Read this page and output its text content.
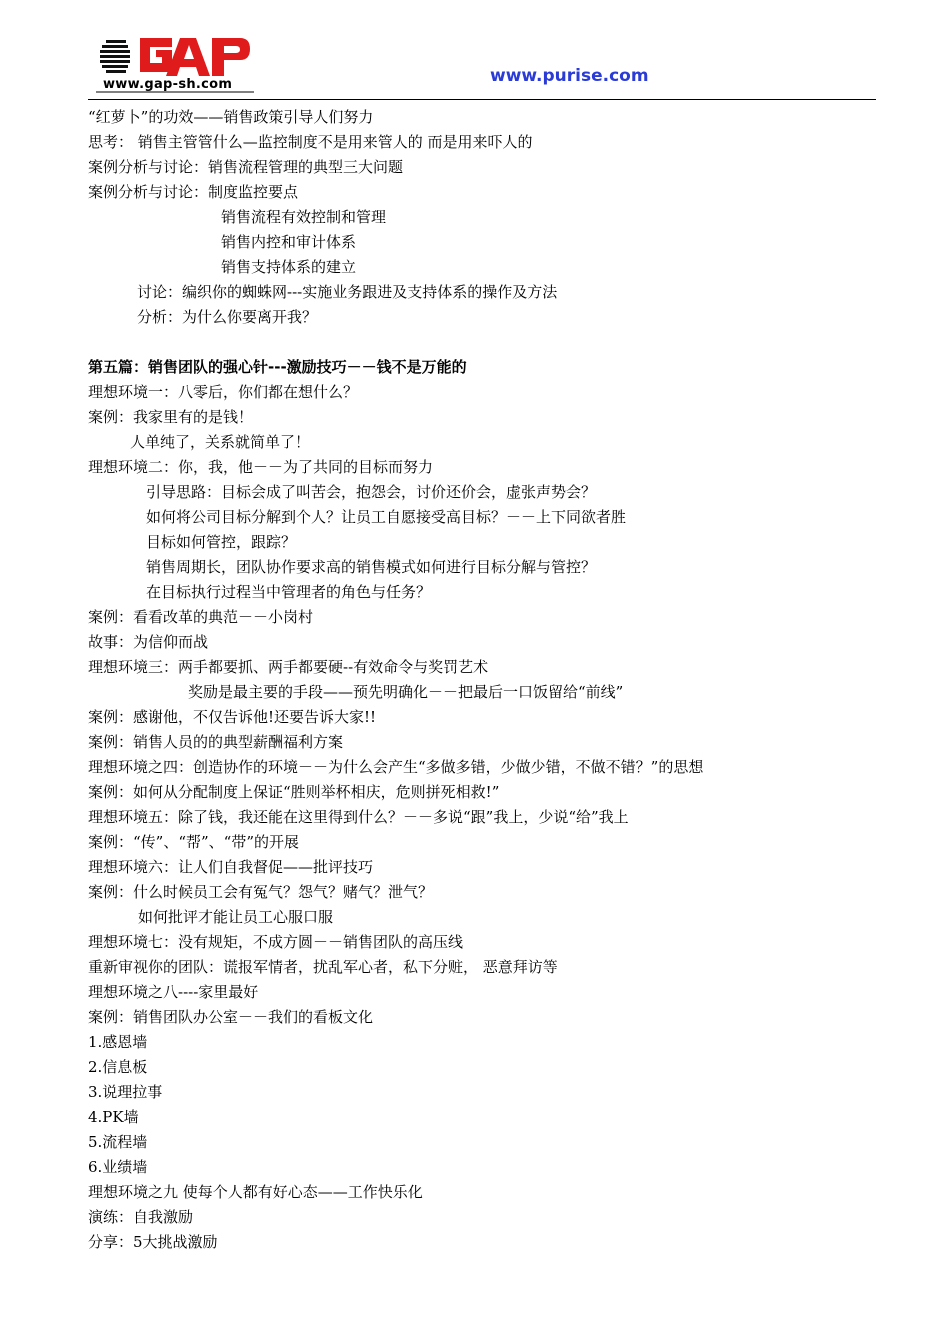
www.gap-sh.com	www.purise.com
“红萝卜”的功效——销售政策引导人们努力
思考： 销售主管管什么—监控制度不是用来管人的 而是用来吓人的
案例分析与讨论：销售流程管理的典型三大问题
案例分析与讨论：制度监控要点
销售流程有效控制和管理
销售内控和审计体系
销售支持体系的建立
讨论：编织你的蜘蛛网---实施业务跟进及支持体系的操作及方法
分析：为什么你要离开我？
第五篇：销售团队的强心针---激励技巧－－钱不是万能的
理想环境一：八零后，你们都在想什么？
案例：我家里有的是钱！
人单纯了，关系就简单了！
理想环境二：你，我，他－－为了共同的目标而努力
引导思路：目标会成了叫苦会，抱怨会，讨价还价会，虚张声势会？
如何将公司目标分解到个人？让员工自愿接受高目标？－－上下同欲者胜
目标如何管控，跟踪？
销售周期长，团队协作要求高的销售模式如何进行目标分解与管控？
在目标执行过程当中管理者的角色与任务？
案例：看看改革的典范－－小岗村
故事：为信仰而战
理想环境三：两手都要抓、两手都要硬--有效命令与奖罚艺术
奖励是最主要的手段——预先明确化－－把最后一口饭留给“前线”
案例：感谢他，不仅告诉他!还要告诉大家!!
案例：销售人员的的典型薪酬福利方案
理想环境之四：创造协作的环境－－为什么会产生“多做多错，少做少错，不做不错？”的思想
案例：如何从分配制度上保证“胜则举杯相庆，危则拼死相救!”
理想环境五：除了钱，我还能在这里得到什么？－－多说“跟”我上，少说“给”我上
案例：“传”、“帮”、“带”的开展
理想环境六：让人们自我督促——批评技巧
案例：什么时候员工会有冤气？怨气？赌气？泄气？
如何批评才能让员工心服口服
理想环境七：没有规矩，不成方圆－－销售团队的高压线
重新审视你的团队：谎报军情者，扰乱军心者，私下分赃， 恶意拜访等
理想环境之八----家里最好
案例：销售团队办公室－－我们的看板文化
1.感恩墙
2.信息板
3.说理拉事
4.PK墙
5.流程墙
6.业绩墙
理想环境之九 使每个人都有好心态——工作快乐化
演练：自我激励
分享：5大挑战激励
